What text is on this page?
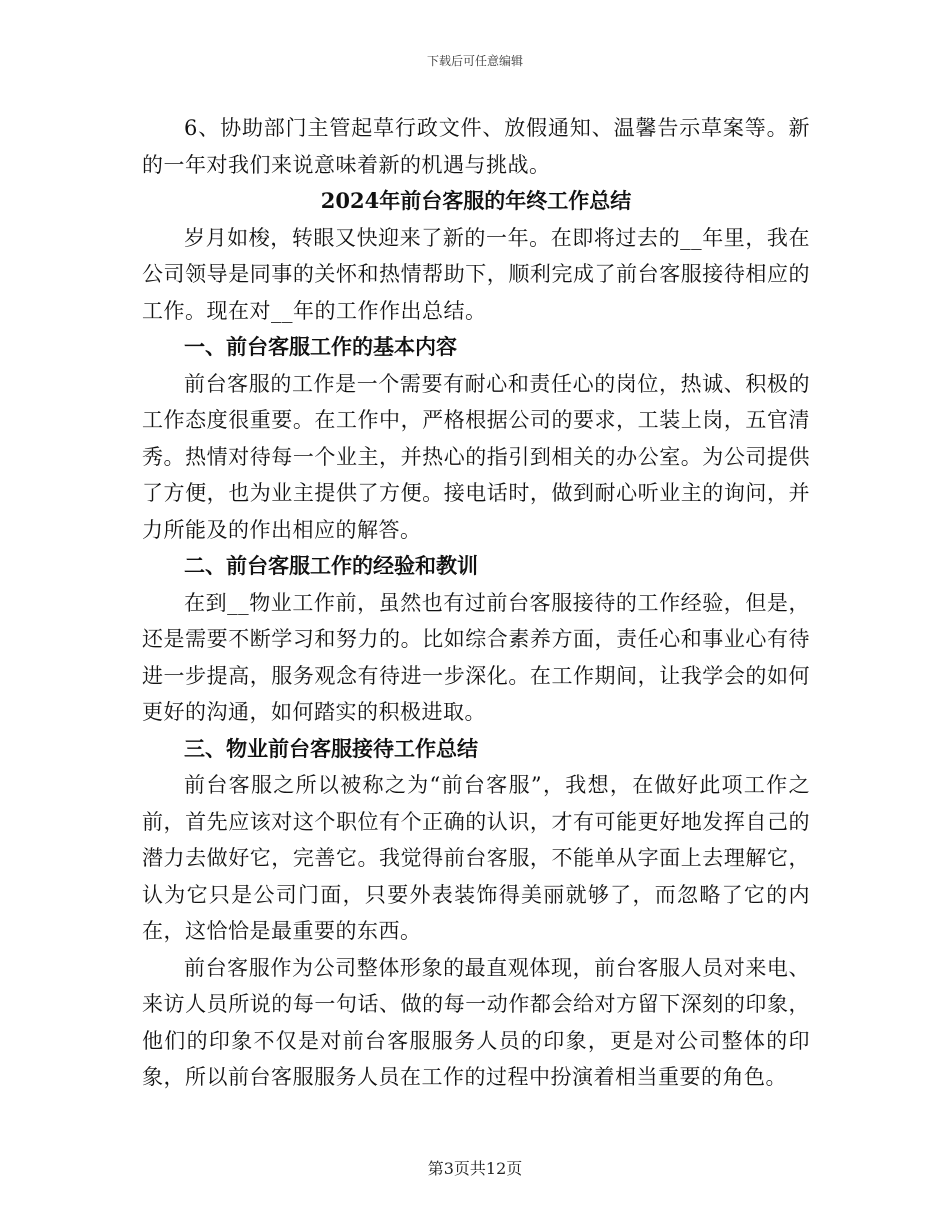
下载后可任意编辑

6、协助部门主管起草行政文件、放假通知、温馨告示草案等。新的一年对我们来说意味着新的机遇与挑战。

2024年前台客服的年终工作总结

岁月如梭，转眼又快迎来了新的一年。在即将过去的__年里，我在公司领导是同事的关怀和热情帮助下，顺利完成了前台客服接待相应的工作。现在对__年的工作作出总结。

一、前台客服工作的基本内容

前台客服的工作是一个需要有耐心和责任心的岗位，热诚、积极的工作态度很重要。在工作中，严格根据公司的要求，工装上岗，五官清秀。热情对待每一个业主，并热心的指引到相关的办公室。为公司提供了方便，也为业主提供了方便。接电话时，做到耐心听业主的询问，并力所能及的作出相应的解答。

二、前台客服工作的经验和教训

在到__物业工作前，虽然也有过前台客服接待的工作经验，但是，还是需要不断学习和努力的。比如综合素养方面，责任心和事业心有待进一步提高，服务观念有待进一步深化。在工作期间，让我学会的如何更好的沟通，如何踏实的积极进取。

三、物业前台客服接待工作总结

前台客服之所以被称之为“前台客服”，我想，在做好此项工作之前，首先应该对这个职位有个正确的认识，才有可能更好地发挥自己的潜力去做好它，完善它。我觉得前台客服，不能单从字面上去理解它，认为它只是公司门面，只要外表装饰得美丽就够了，而忽略了它的内在，这恰恰是最重要的东西。

前台客服作为公司整体形象的最直观体现，前台客服人员对来电、来访人员所说的每一句话、做的每一动作都会给对方留下深刻的印象，他们的印象不仅是对前台客服服务人员的印象，更是对公司整体的印象，所以前台客服服务人员在工作的过程中扮演着相当重要的角色。

第3页共12页
